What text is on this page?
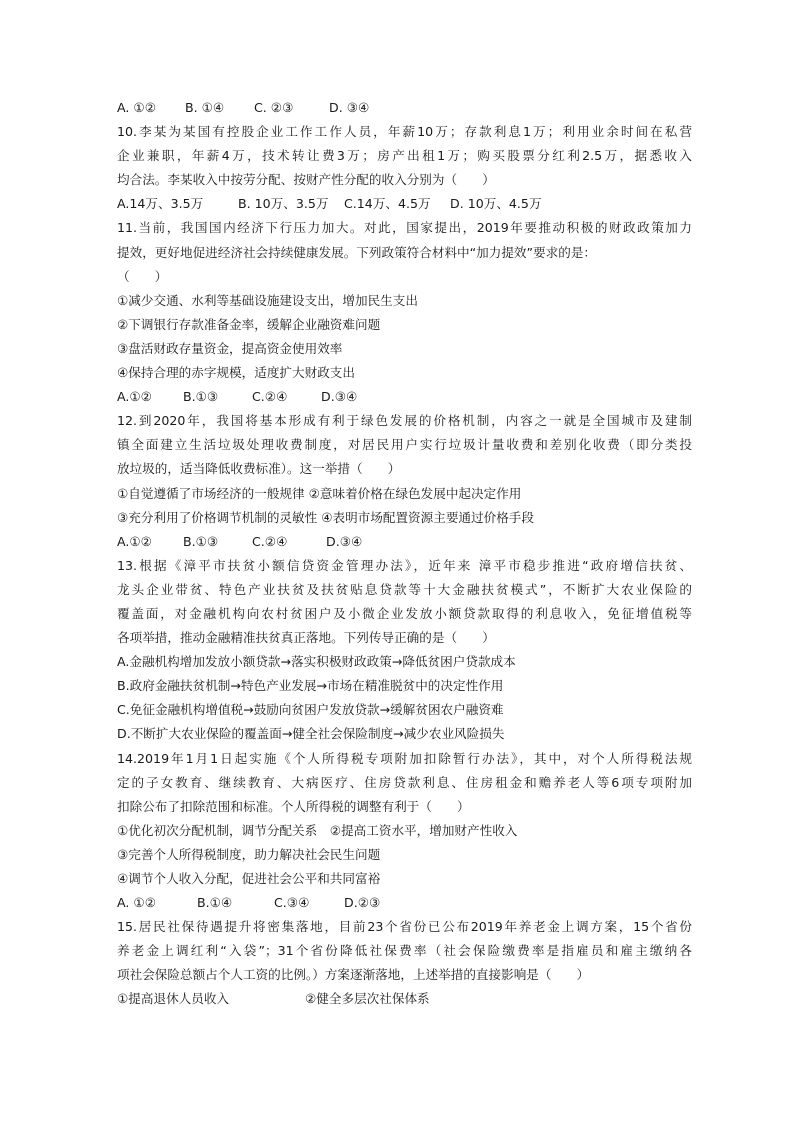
A. ①② B. ①④ C. ②③	D. ③④
10.李某为某国有控股企业工作工作人员，年薪10万；存款利息1万；利用业余时间在私营
企业兼职，年薪4万，技术转让费3万；房产出租1万；购买股票分红利2.5万，据悉收入
均合法。李某收入中按劳分配、按财产性分配的收入分别为（　　）
A.14万、3.5万	B. 10万、3.5万 C.14万、4.5万 D. 10万、4.5万
11.当前，我国国内经济下行压力加大。对此，国家提出，2019年要推动积极的财政政策加力
提效，更好地促进经济社会持续健康发展。下列政策符合材料中“加力提效”要求的是：
（　　）
①减少交通、水利等基础设施建设支出，增加民生支出
②下调银行存款准备金率，缓解企业融资难问题
③盘活财政存量资金，提高资金使用效率
④保持合理的赤字规模，适度扩大财政支出
A.①② B.①③	C.②④	D.③④
12.到2020年，我国将基本形成有利于绿色发展的价格机制，内容之一就是全国城市及建制
镇全面建立生活垃圾处理收费制度，对居民用户实行垃圾计量收费和差别化收费（即分类投
放垃圾的，适当降低收费标准）。这一举措（　　）
①自觉遵循了市场经济的一般规律 ②意味着价格在绿色发展中起决定作用
③充分利用了价格调节机制的灵敏性 ④表明市场配置资源主要通过价格手段
A.①② B.①③	C.②④	D.③④
13.根据《漳平市扶贫小额信贷资金管理办法》，近年来 漳平市稳步推进“政府增信扶贫、
龙头企业带贫、特色产业扶贫及扶贫贴息贷款等十大金融扶贫模式”，不断扩大农业保险的
覆盖面，对金融机构向农村贫困户及小微企业发放小额贷款取得的利息收入，免征增值税等
各项举措，推动金融精准扶贫真正落地。下列传导正确的是（　　）
A.金融机构增加发放小额贷款→落实积极财政政策→降低贫困户贷款成本
B.政府金融扶贫机制→特色产业发展→市场在精准脱贫中的决定性作用
C.免征金融机构增值税→鼓励向贫困户发放贷款→缓解贫困农户融资难
D.不断扩大农业保险的覆盖面→健全社会保险制度→减少农业风险损失
14.2019年1月1日起实施《个人所得税专项附加扣除暂行办法》，其中，对个人所得税法规
定的子女教育、继续教育、大病医疗、住房贷款利息、住房租金和赡养老人等6项专项附加
扣除公布了扣除范围和标准。个人所得税的调整有利于（　　）
①优化初次分配机制，调节分配关系　②提高工资水平，增加财产性收入
③完善个人所得税制度，助力解决社会民生问题
④调节个人收入分配，促进社会公平和共同富裕
A. ①②	B.①④	C.③④	D.②③
15.居民社保待遇提升将密集落地，目前23个省份已公布2019年养老金上调方案，15个省份
养老金上调红利“入袋”；31个省份降低社保费率（社会保险缴费率是指雇员和雇主缴纳各
项社会保险总额占个人工资的比例。）方案逐渐落地，上述举措的直接影响是（　　）
①提高退休人员收入	②健全多层次社保体系
